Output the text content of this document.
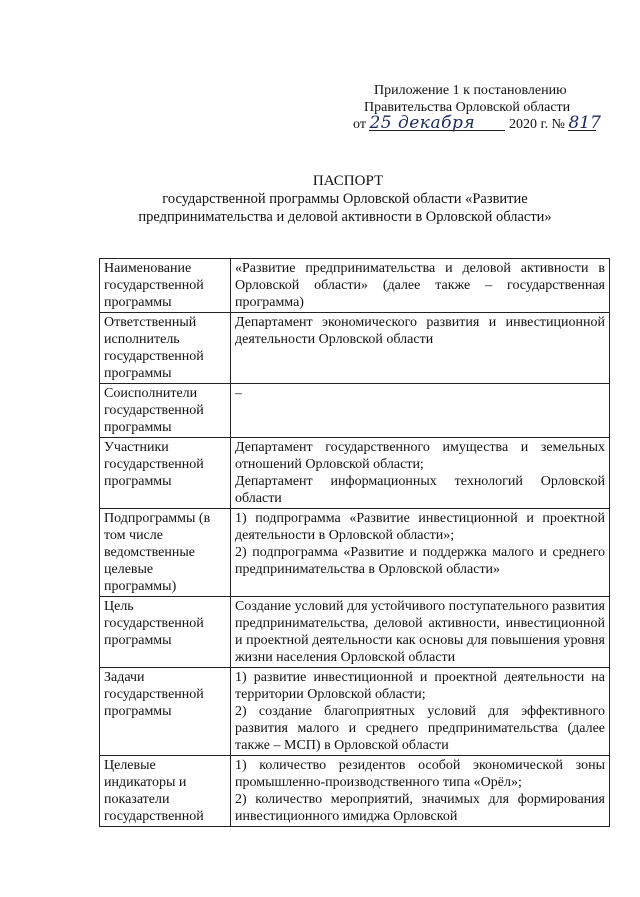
Приложение 1 к постановлению
Правительства Орловской области
от 25 декабря 2020 г. № 817
ПАСПОРТ
государственной программы Орловской области «Развитие
предпринимательства и деловой активности в Орловской области»
Наименование государственной программы	«Развитие предпринимательства и деловой активности в Орловской области» (далее также – государственная программа)

Ответственный исполнитель государственной программы	Департамент экономического развития и инвестиционной деятельности Орловской области

Соисполнители государственной программы	–

Участники государственной программы	Департамент государственного имущества и земельных отношений Орловской области;
Департамент информационных технологий Орловской области

Подпрограммы (в том числе ведомственные целевые программы)	1) подпрограмма «Развитие инвестиционной и проектной деятельности в Орловской области»;
2) подпрограмма «Развитие и поддержка малого и среднего предпринимательства в Орловской области»

Цель государственной программы	Создание условий для устойчивого поступательного развития предпринимательства, деловой активности, инвестиционной и проектной деятельности как основы для повышения уровня жизни населения Орловской области

Задачи государственной программы	1) развитие инвестиционной и проектной деятельности на территории Орловской области;
2) создание благоприятных условий для эффективного развития малого и среднего предпринимательства (далее также – МСП) в Орловской области

Целевые индикаторы и показатели государственной	1) количество резидентов особой экономической зоны промышленно-производственного типа «Орёл»;
2) количество мероприятий, значимых для формирования инвестиционного имиджа Орловской
